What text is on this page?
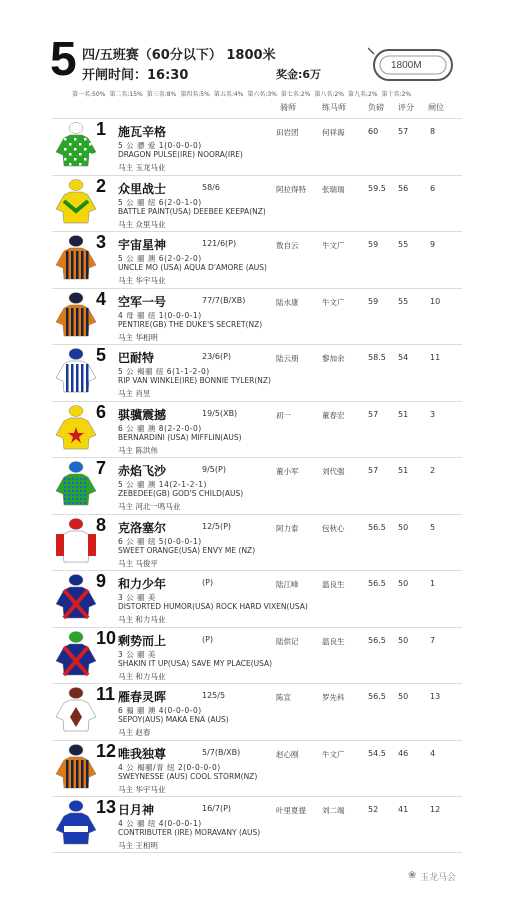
5 四/五班赛（60分以下） 1800米
开闸时间：16:30	奖金:6万
1800M
第一名:50% 第二名:15% 第三名:8% 第四名:5% 第五名:4% 第六名:3% 第七名:2% 第八名:2% 第九名:2% 第十名:2%
骑师	练马师	负磅 评分 闸位
1 施瓦辛格	田岩团	何祥海	60 57	8
5 公 骠 爱 1(0-0-0-0)
DRAGON PULSE(IRE) NOORA(IRE)
马主 玉龙马业
2 众里战士	58/6	阿拉得特 张瑞瑞	59.5 56	6
5 公 骝 纽 6(2-0-1-0)
BATTLE PAINT(USA) DEEBEE KEEPA(NZ)
马主 众里马业
3 宇宙星神	121/6(P)	敖自云	牛文广	59 55	9
5 公 骝 澳 6(2-0-2-0)
UNCLE MO (USA) AQUA D'AMORE (AUS)
马主 华宇马业
4 空军一号	77/7(B/XB)	陆水康	牛文广	59 55	10
4 母 骝 纽 1(0-0-0-1)
PENTIRE(GB) THE DUKE'S SECRET(NZ)
马主 华相明
5 巴耐特	23/6(P)	陆云朋	黎加余	58.5 54	11
5 公 褐骝 纽 6(1-1-2-0)
RIP VAN WINKLE(IRE) BONNIE TYLER(NZ)
马主 肖昱
6 骐骥震撼	19/5(XB)	初一	董春宏	57 51	3
6 公 骝 澳 8(2-2-0-0)
BERNARDINI (USA) MIFFLIN(AUS)
马主 陈洪伟
7 赤焰飞沙	9/5(P)	董小军	刘代强	57 51	2
5 公 骝 澳 14(2-1-2-1)
ZEBEDEE(GB) GOD'S CHILD(AUS)
马主 河北一鸣马业
8 克洛塞尔	12/5(P)	阿力泰	包秋心	56.5 50	5
6 公 骝 纽 5(0-0-0-1)
SWEET ORANGE(USA) ENVY ME (NZ)
马主 马俊平
9 和力少年	(P)	陆江峰	温良生	56.5 50	1
3 公 骝 美
DISTORTED HUMOR(USA) ROCK HARD VIXEN(USA)
马主 和力马业
10 剩势而上	(P)	陆供记	温良生	56.5 50	7
3 公 骝 美
SHAKIN IT UP(USA) SAVE MY PLACE(USA)
马主 和力马业
11 雁春灵晖	125/5	陈宣	罗先科	56.5 50	13
6 骟 骝 澳 4(0-0-0-0)
SEPOY(AUS) MAKA ENA (AUS)
马主 赵春
12 唯我独尊	5/7(B/XB)	赵心刚	牛文广	54.5 46	4
4 公 褐骝/青 纽 2(0-0-0-0)
SWEYNESSE (AUS) COOL STORM(NZ)
马主 华宇马业
13 日月神	16/7(P)	叶里夏提 刘二端	52 41	12
4 公 骝 纽 4(0-0-0-1)
CONTRIBUTER (IRE) MORAVANY (AUS)
马主 王相明
❀ 玉龙马会
